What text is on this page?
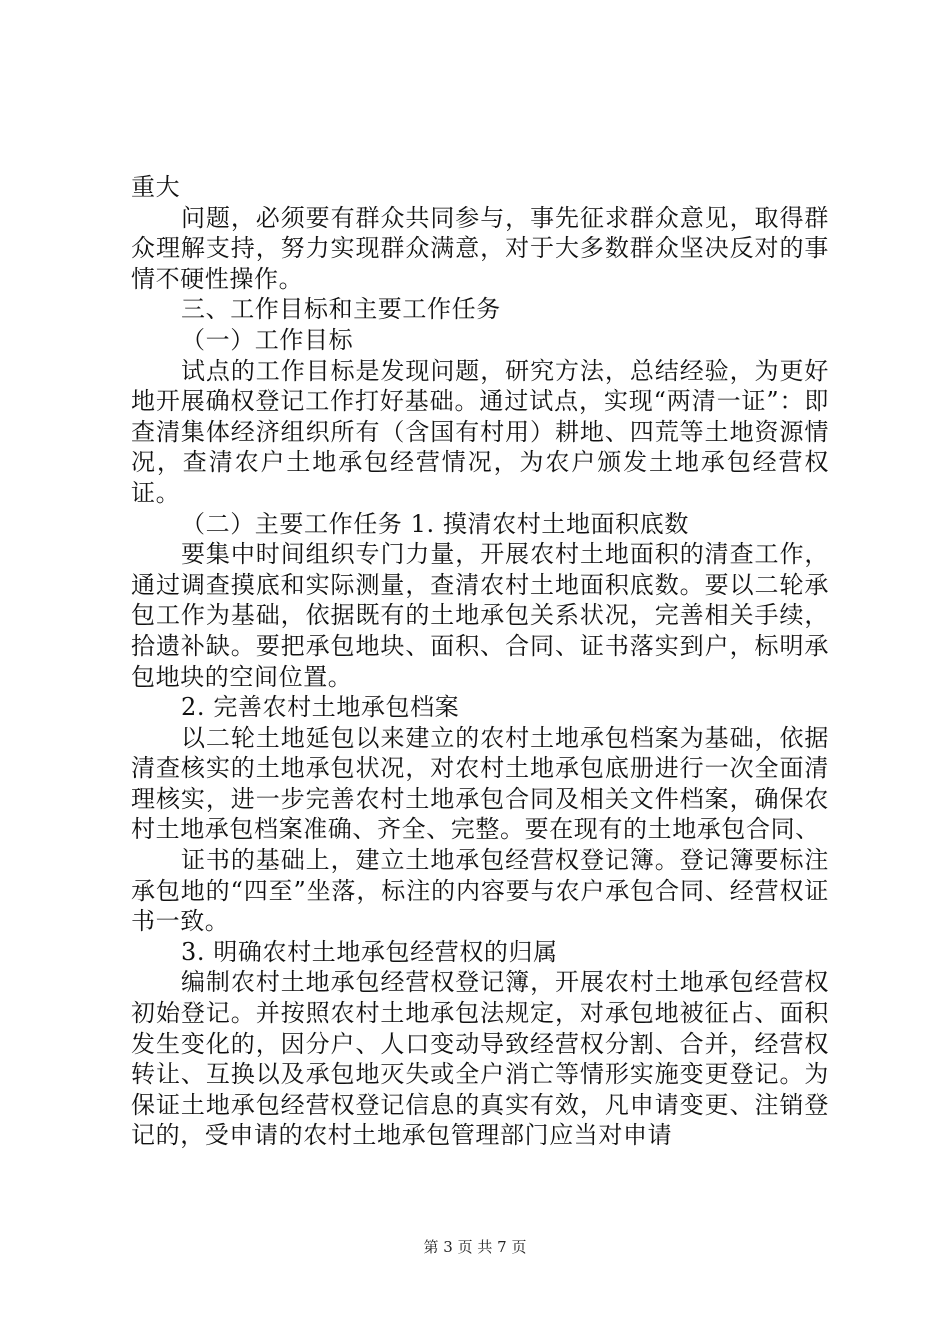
重大

问题，必须要有群众共同参与，事先征求群众意见，取得群众理解支持，努力实现群众满意，对于大多数群众坚决反对的事情不硬性操作。

三、工作目标和主要工作任务

（一）工作目标

试点的工作目标是发现问题，研究方法，总结经验，为更好地开展确权登记工作打好基础。通过试点，实现“两清一证”：即查清集体经济组织所有（含国有村用）耕地、四荒等土地资源情况，查清农户土地承包经营情况，为农户颁发土地承包经营权证。

（二）主要工作任务 1. 摸清农村土地面积底数

要集中时间组织专门力量，开展农村土地面积的清查工作，通过调查摸底和实际测量，查清农村土地面积底数。要以二轮承包工作为基础，依据既有的土地承包关系状况，完善相关手续，拾遗补缺。要把承包地块、面积、合同、证书落实到户，标明承包地块的空间位置。

2. 完善农村土地承包档案

以二轮土地延包以来建立的农村土地承包档案为基础，依据清查核实的土地承包状况，对农村土地承包底册进行一次全面清理核实，进一步完善农村土地承包合同及相关文件档案，确保农村土地承包档案准确、齐全、完整。要在现有的土地承包合同、

证书的基础上，建立土地承包经营权登记簿。登记簿要标注承包地的“四至”坐落，标注的内容要与农户承包合同、经营权证书一致。

3. 明确农村土地承包经营权的归属

编制农村土地承包经营权登记簿，开展农村土地承包经营权初始登记。并按照农村土地承包法规定，对承包地被征占、面积发生变化的，因分户、人口变动导致经营权分割、合并，经营权转让、互换以及承包地灭失或全户消亡等情形实施变更登记。为保证土地承包经营权登记信息的真实有效，凡申请变更、注销登记的，受申请的农村土地承包管理部门应当对申请

第 3 页 共 7 页
